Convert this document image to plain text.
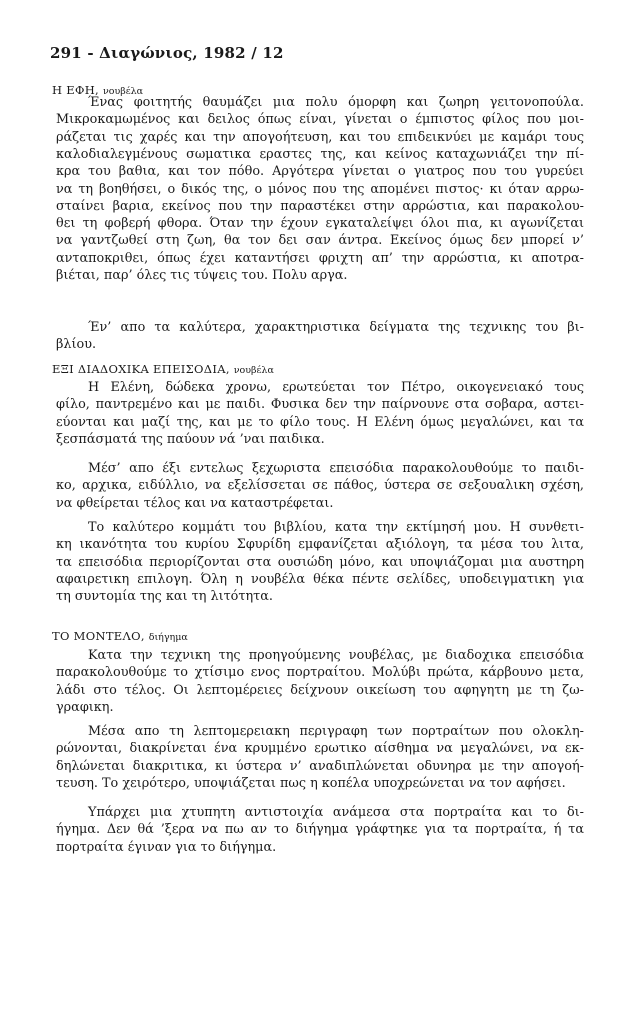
291 - Διαγώνιος, 1982 / 12
Η ΕΦΗ, νουβέλα
Ένας φοιτητής θαυμάζει μια πολυ όμορφη και ζωηρη γειτονοπούλα.
Μικροκαμωμένος και δειλος όπως είναι, γίνεται ο έμπιστος φίλος που μοι-
ράζεται τις χαρές και την απογοήτευση, και του επιδεικνύει με καμάρι τους
καλοδιαλεγμένους σωματικα εραστες της, και κείνος καταχωνιάζει την πί-
κρα του βαθια, και τον πόθο. Αργότερα γίνεται ο γιατρος που του γυρεύει
να τη βοηθήσει, ο δικός της, ο μόνος που της απομένει πιστος· κι όταν αρρω-
σταίνει βαρια, εκείνος που την παραστέκει στην αρρώστια, και παρακολου-
θει τη φοβερή φθορα. Όταν την έχουν εγκαταλείψει όλοι πια, κι αγωνίζεται
να γαντζωθεί στη ζωη, θα τον δει σαν άντρα. Εκείνος όμως δεν μπορεί ν’
ανταποκριθει, όπως έχει καταντήσει φριχτη απ’ την αρρώστια, κι αποτρα-
βιέται, παρ’ όλες τις τύψεις του. Πολυ αργα.
Έν’ απο τα καλύτερα, χαρακτηριστικα δείγματα της τεχνικης του βι-
βλίου.
ΕΞΙ ΔΙΑΔΟΧΙΚΑ ΕΠΕΙΣΟΔΙΑ, νουβέλα
Η Ελένη, δώδεκα χρονω, ερωτεύεται τον Πέτρο, οικογενειακό τους
φίλο, παντρεμένο και με παιδι. Φυσικα δεν την παίρνουνε στα σοβαρα, αστει-
εύονται και μαζί της, και με το φίλο τους. Η Ελένη όμως μεγαλώνει, και τα
ξεσπάσματά της παύουν νά ’ναι παιδικα.
Μέσ’ απο έξι εντελως ξεχωριστα επεισόδια παρακολουθούμε το παιδι-
κο, αρχικα, ειδύλλιο, να εξελίσσεται σε πάθος, ύστερα σε σεξουαλικη σχέση,
να φθείρεται τέλος και να καταστρέφεται.
Το καλύτερο κομμάτι του βιβλίου, κατα την εκτίμησή μου. Η συνθετι-
κη ικανότητα του κυρίου Σφυρίδη εμφανίζεται αξιόλογη, τα μέσα του λιτα,
τα επεισόδια περιορίζονται στα ουσιώδη μόνο, και υποψιάζομαι μια αυστηρη
αφαιρετικη επιλογη. Όλη η νουβέλα θέκα πέντε σελίδες, υποδειγματικη για
τη συντομία της και τη λιτότητα.
ΤΟ ΜΟΝΤΕΛΟ, διήγημα
Κατα την τεχνικη της προηγούμενης νουβέλας, με διαδοχικα επεισόδια
παρακολουθούμε το χτίσιμο ενος πορτραίτου. Μολύβι πρώτα, κάρβουνο μετα,
λάδι στο τέλος. Οι λεπτομέρειες δείχνουν οικείωση του αφηγητη με τη ζω-
γραφικη.
Μέσα απο τη λεπτομερειακη περιγραφη των πορτραίτων που ολοκλη-
ρώνονται, διακρίνεται ένα κρυμμένο ερωτικο αίσθημα να μεγαλώνει, να εκ-
δηλώνεται διακριτικα, κι ύστερα ν’ αναδιπλώνεται οδυνηρα με την απογοή-
τευση. Το χειρότερο, υποψιάζεται πως η κοπέλα υποχρεώνεται να τον αφήσει.
Υπάρχει μια χτυπητη αντιστοιχία ανάμεσα στα πορτραίτα και το δι-
ήγημα. Δεν θά ’ξερα να πω αν το διήγημα γράφτηκε για τα πορτραίτα, ή τα
πορτραίτα έγιναν για το διήγημα.
